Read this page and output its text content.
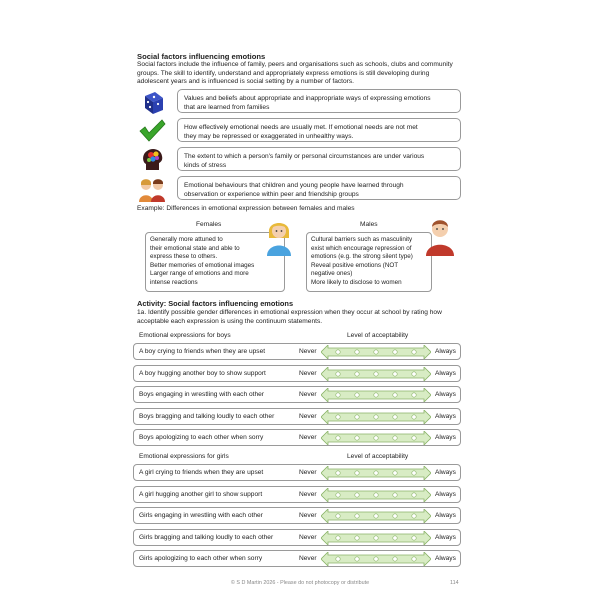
Social factors influencing emotions
Social factors include the influence of family, peers and organisations such as schools, clubs and community groups. The skill to identify, understand and appropriately express emotions is still developing during adolescent years and is influenced is social setting by a number of factors.
Values and beliefs about appropriate and inappropriate ways of expressing emotions
that are learned from families
How effectively emotional needs are usually met. If emotional needs are not met
they may be repressed or exaggerated in unhealthy ways.
The extent to which a person's family or personal circumstances are under various
kinds of stress
Emotional behaviours that children and young people have learned through
observation or experience within peer and friendship groups
Example: Differences in emotional expression between females and males
Females
Generally more attuned to
their emotional state and able to
express these to others.
Better memories of emotional images
Larger range of emotions and more
intense reactions
Males
Cultural barriers such as masculinity
exist which encourage repression of
emotions (e.g. the strong silent type)
Reveal positive emotions (NOT
negative ones)
More likely to disclose to women
Activity: Social factors influencing emotions
1a. Identify possible gender differences in emotional expression when they occur at school by rating how acceptable each expression is using the continuum statements.
Emotional expressions for boys	Level of acceptability
A boy crying to friends when they are upset	Never	Always
A boy hugging another boy to show support	Never	Always
Boys engaging in wrestling with each other	Never	Always
Boys bragging and talking loudly to each other	Never	Always
Boys apologizing to each other when sorry	Never	Always
Emotional expressions for girls	Level of acceptability
A girl crying to friends when they are upset	Never	Always
A girl hugging another girl to show support	Never	Always
Girls engaging in wrestling with each other	Never	Always
Girls bragging and talking loudly to each other	Never	Always
Girls apologizing to each other when sorry	Never	Always
© S D Martin 2026 - Please do not photocopy or distribute	114
